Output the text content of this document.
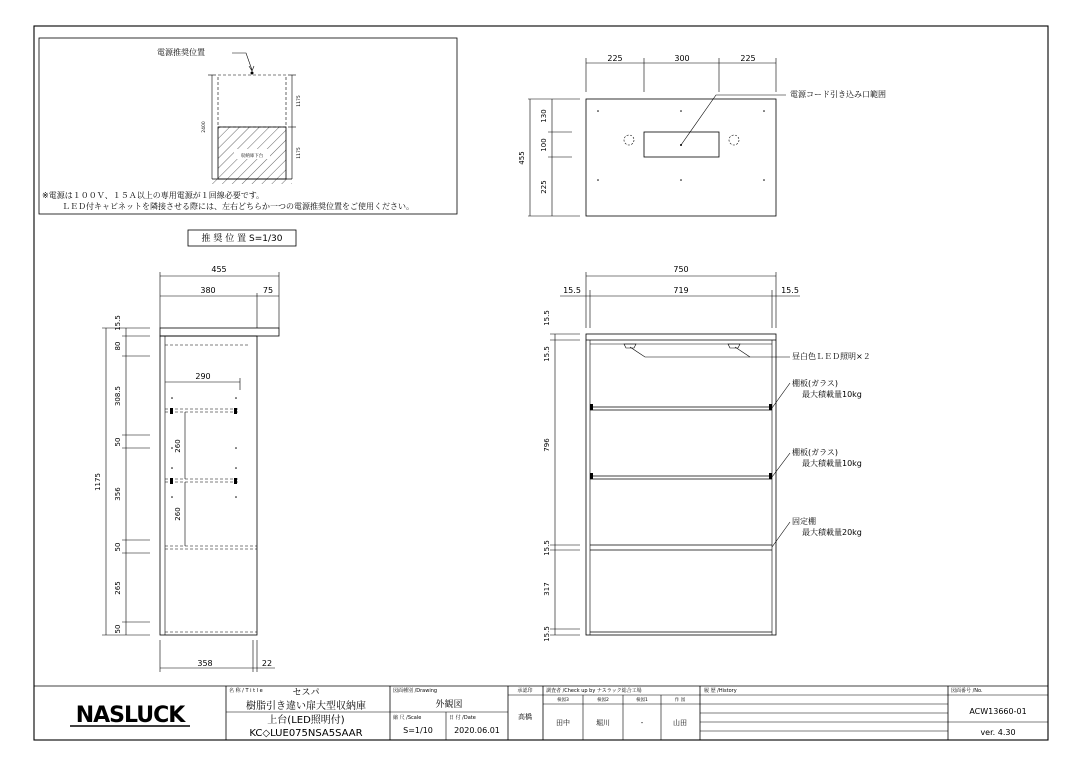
電源推奨位置
収納庫下台
2400
1175
1175
※電源は１００Ｖ、１５Ａ以上の専用電源が１回線必要です。
ＬＥＤ付キャビネットを隣接させる際には、左右どちらか一つの電源推奨位置をご使用ください。
推 奨 位 置 S=1/30
225	300	225
電源コード引き込み口範囲
455
130
100
225
455
380	75
290
260
260
1175
15.5
80
308.5
50
356
50
265
50
358	22
750
15.5	719	15.5
昼白色ＬＥＤ照明×２
棚板(ガラス)
最大積載量10kg
棚板(ガラス)
最大積載量10kg
固定棚
最大積載量20kg
15.5
15.5
796
15.5
317
15.5
NASLUCK
名 称 / T i t l e	セスパ
樹脂引き違い扉大型収納庫
上台(LED照明付)
KC◇LUE075NSA5SAAR
図面種別 /Drawing
外観図
縮 尺 /Scale
S=1/10
日 付 /Date
2020.06.01
承認印
高橋
調査者 /Check up by ナスラック総合工場
検図3	検図2	検図1	作 図
田中	堀川	-	山田
履 歴 /History	図面番号 /No.
ACW13660-01
ver. 4.30
